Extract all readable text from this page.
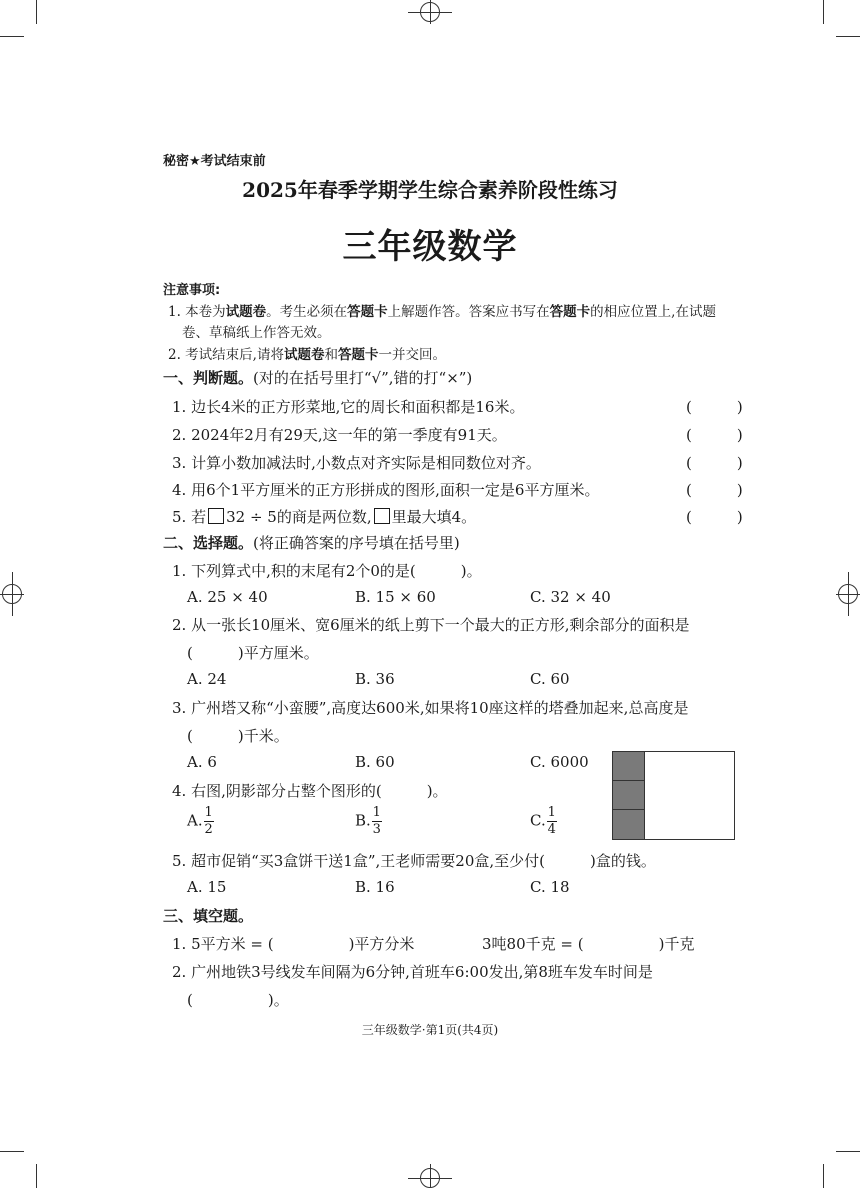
秘密★考试结束前
2025年春季学期学生综合素养阶段性练习
三年级数学
注意事项:
1. 本卷为试题卷。考生必须在答题卡上解题作答。答案应书写在答题卡的相应位置上,在试题
卷、草稿纸上作答无效。
2. 考试结束后,请将试题卷和答题卡一并交回。
一、判断题。(对的在括号里打“√”,错的打“×”)
1. 边长4米的正方形菜地,它的周长和面积都是16米。	(　　　)
2. 2024年2月有29天,这一年的第一季度有91天。	(　　　)
3. 计算小数加减法时,小数点对齐实际是相同数位对齐。	(　　　)
4. 用6个1平方厘米的正方形拼成的图形,面积一定是6平方厘米。	(　　　)
5. 若 32 ÷ 5的商是两位数, 里最大填4。	(　　　)
二、选择题。(将正确答案的序号填在括号里)
1. 下列算式中,积的末尾有2个0的是(　　　)。
A. 25 × 40	B. 15 × 60	C. 32 × 40
2. 从一张长10厘米、宽6厘米的纸上剪下一个最大的正方形,剩余部分的面积是
(　　　)平方厘米。
A. 24	B. 36	C. 60
3. 广州塔又称“小蛮腰”,高度达600米,如果将10座这样的塔叠加起来,总高度是
(　　　)千米。
A. 6	B. 60	C. 6000
4. 右图,阴影部分占整个图形的(　　　)。
A. $\frac{1}{2}$	B. $\frac{1}{3}$	C. $\frac{1}{4}$
5. 超市促销“买3盒饼干送1盒”,王老师需要20盒,至少付(　　　)盒的钱。
A. 15	B. 16	C. 18
三、填空题。
1. 5平方米 = (　　　　　)平方分米	3吨80千克 = (　　　　　)千克
2. 广州地铁3号线发车间隔为6分钟,首班车6:00发出,第8班车发车时间是
(　　　　　)。
三年级数学·第1页(共4页)
